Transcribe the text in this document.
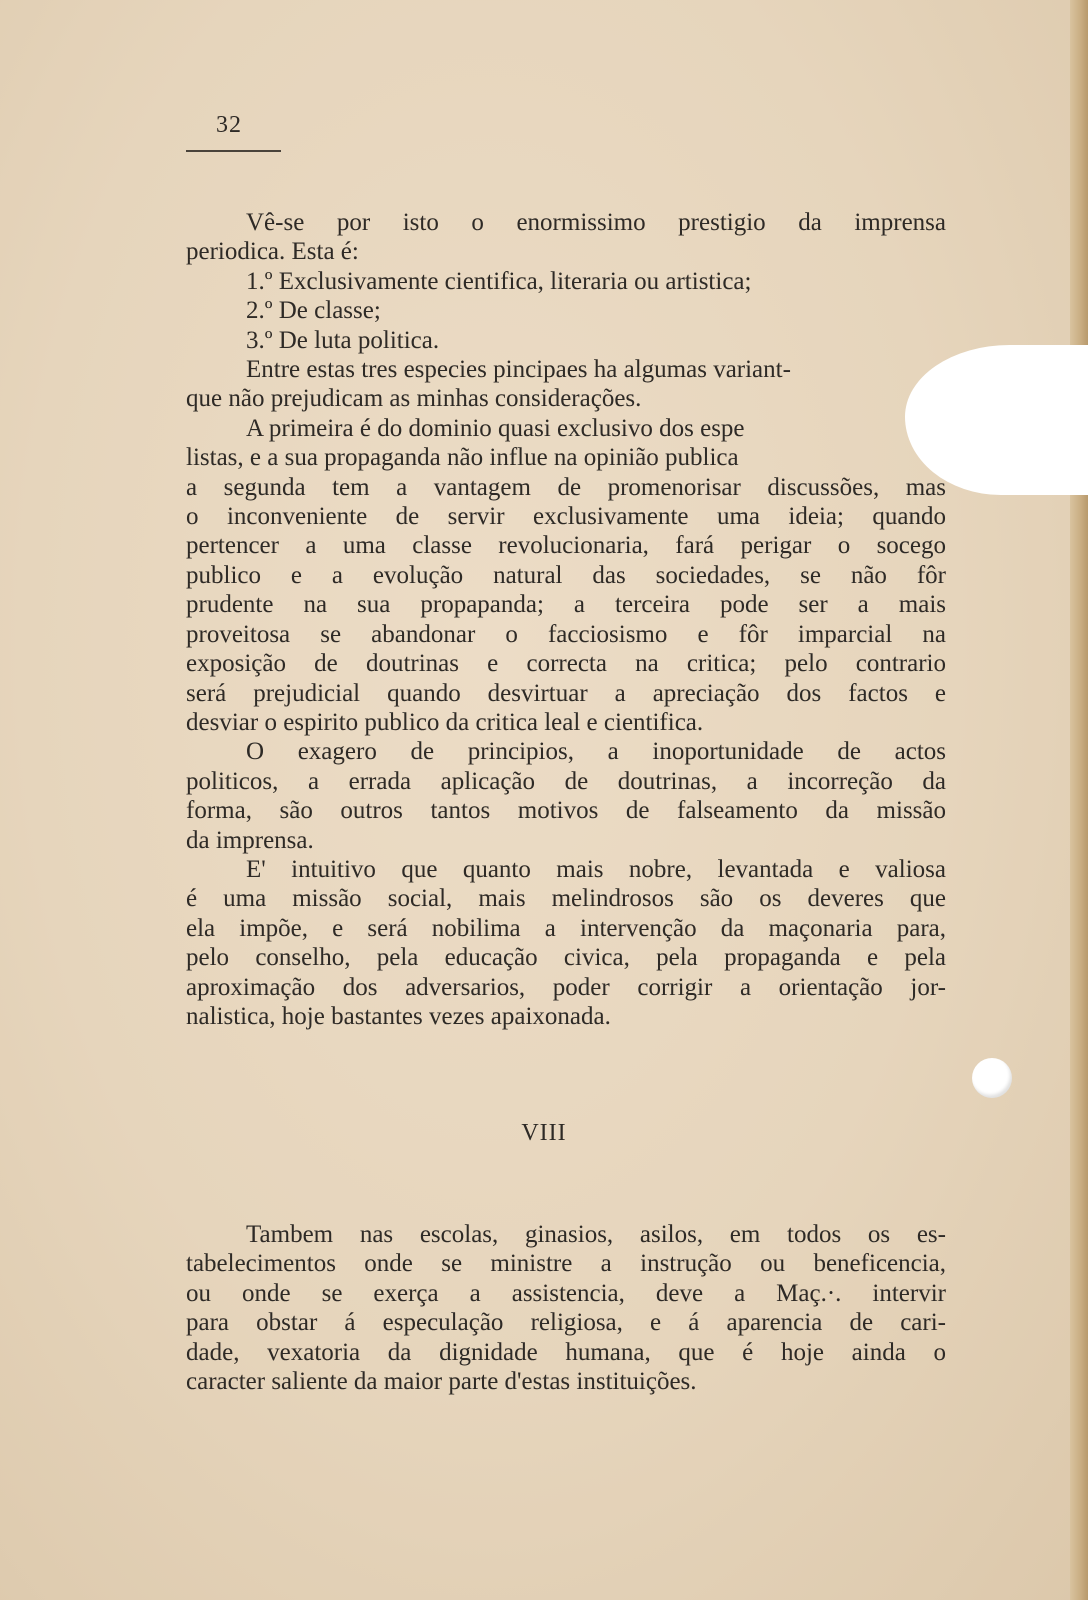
32
Vê-se por isto o enormissimo prestigio da imprensa
periodica. Esta é:
1.º Exclusivamente cientifica, literaria ou artistica;
2.º De classe;
3.º De luta politica.
Entre estas tres especies pincipaes ha algumas variant-
que não prejudicam as minhas considerações.
A primeira é do dominio quasi exclusivo dos espe
listas, e a sua propaganda não influe na opinião publica
a segunda tem a vantagem de promenorisar discussões, mas
o inconveniente de servir exclusivamente uma ideia; quando
pertencer a uma classe revolucionaria, fará perigar o socego
publico e a evolução natural das sociedades, se não fôr
prudente na sua propapanda; a terceira pode ser a mais
proveitosa se abandonar o facciosismo e fôr imparcial na
exposição de doutrinas e correcta na critica; pelo contrario
será prejudicial quando desvirtuar a apreciação dos factos e
desviar o espirito publico da critica leal e cientifica.
O exagero de principios, a inoportunidade de actos
politicos, a errada aplicação de doutrinas, a incorreção da
forma, são outros tantos motivos de falseamento da missão
da imprensa.
E' intuitivo que quanto mais nobre, levantada e valiosa
é uma missão social, mais melindrosos são os deveres que
ela impõe, e será nobilima a intervenção da maçonaria para,
pelo conselho, pela educação civica, pela propaganda e pela
aproximação dos adversarios, poder corrigir a orientação jor-
nalistica, hoje bastantes vezes apaixonada.
VIII
Tambem nas escolas, ginasios, asilos, em todos os es-
tabelecimentos onde se ministre a instrução ou beneficencia,
ou onde se exerça a assistencia, deve a Maç.·. intervir
para obstar á especulação religiosa, e á aparencia de cari-
dade, vexatoria da dignidade humana, que é hoje ainda o
caracter saliente da maior parte d'estas instituições.
